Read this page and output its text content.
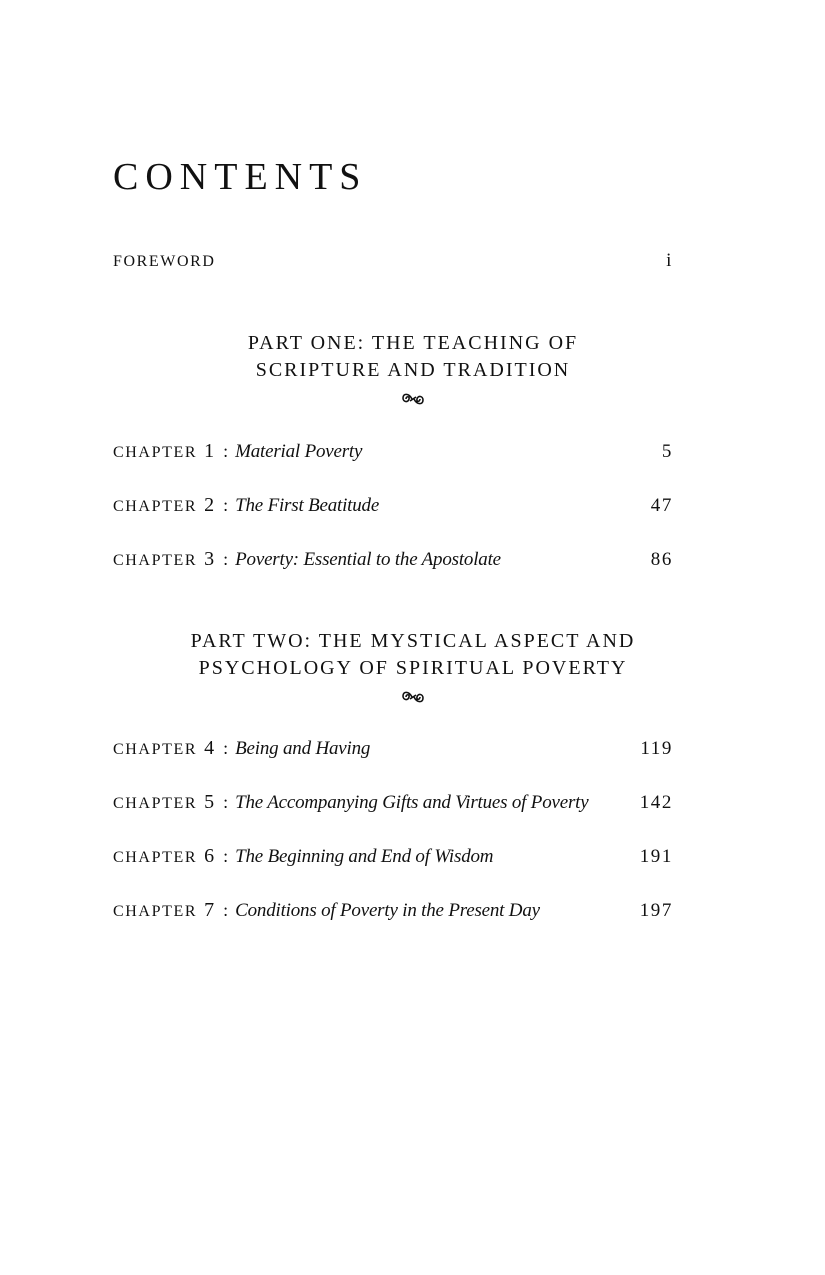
CONTENTS
FOREWORD	i
PART ONE: THE TEACHING OF
SCRIPTURE AND TRADITION
CHAPTER 1 : Material Poverty	5
CHAPTER 2 : The First Beatitude	47
CHAPTER 3 : Poverty: Essential to the Apostolate	86
PART TWO: THE MYSTICAL ASPECT AND
PSYCHOLOGY OF SPIRITUAL POVERTY
CHAPTER 4 : Being and Having	119
CHAPTER 5 : The Accompanying Gifts and Virtues of Poverty	142
CHAPTER 6 : The Beginning and End of Wisdom	191
CHAPTER 7 : Conditions of Poverty in the Present Day	197
